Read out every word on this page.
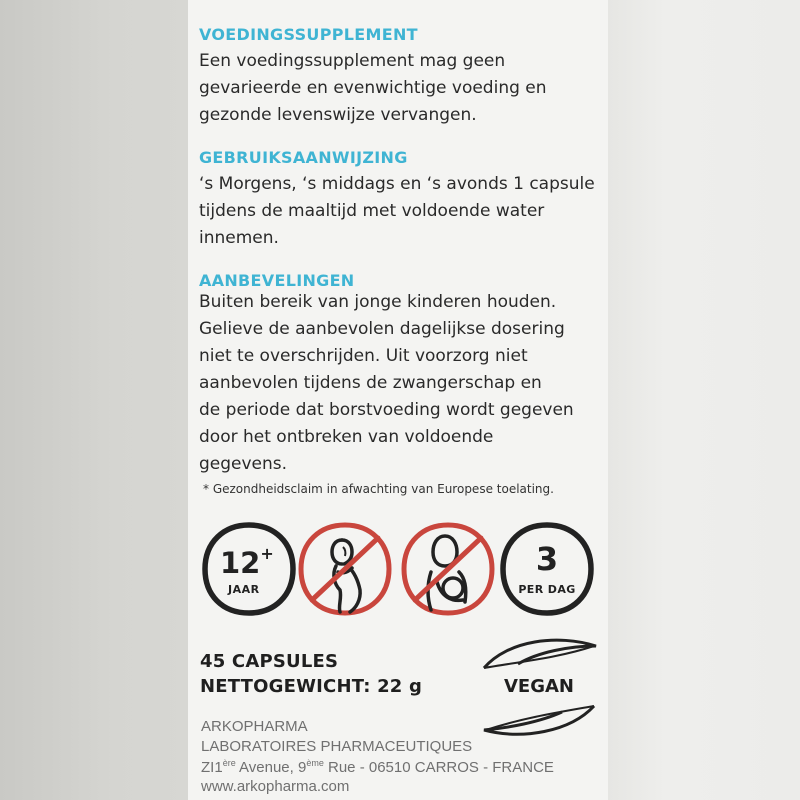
VOEDINGSSUPPLEMENT
Een voedingssupplement mag geen
gevarieerde en evenwichtige voeding en
gezonde levenswijze vervangen.
GEBRUIKSAANWIJZING
‘s Morgens, ‘s middags en ‘s avonds 1 capsule
tijdens de maaltijd met voldoende water
innemen.
AANBEVELINGEN
Buiten bereik van jonge kinderen houden.
Gelieve de aanbevolen dagelijkse dosering
niet te overschrijden. Uit voorzorg niet
aanbevolen tijdens de zwangerschap en
de periode dat borstvoeding wordt gegeven
door het ontbreken van voldoende
gegevens.

* Gezondheidsclaim in afwachting van Europese toelating.

12+
JAAR
3
PER DAG

45 CAPSULES

NETTOGEWICHT: 22 g	VEGAN

ARKOPHARMA

LABORATOIRES PHARMACEUTIQUES

ZI1ère Avenue, 9ème Rue - 06510 CARROS - FRANCE

www.arkopharma.com
